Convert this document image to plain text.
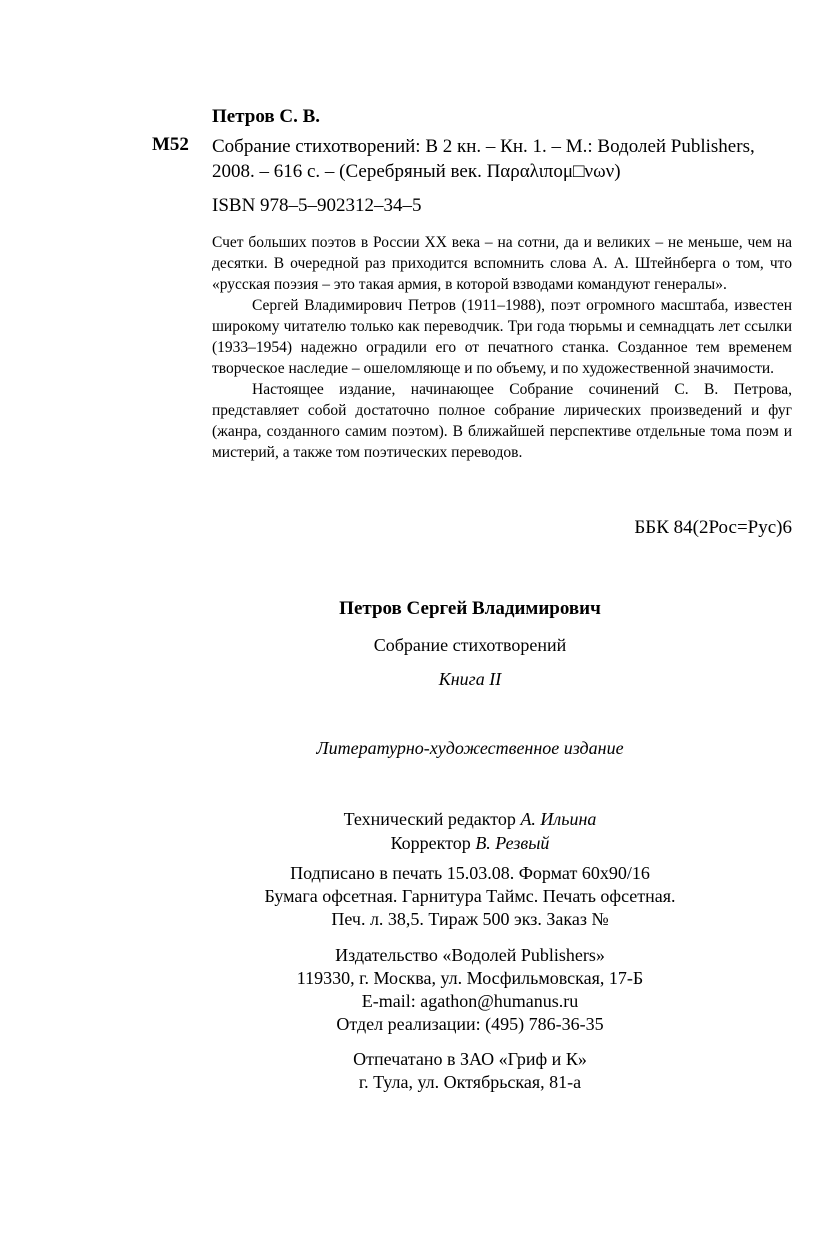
Петров С. В.

М52 Собрание стихотворений: В 2 кн. – Кн. 1. – М.: Водолей Publishers,
2008. – 616 с. – (Серебряный век. Παραλιπομ□νων)

ISBN 978–5–902312–34–5

Счет больших поэтов в России XX века – на сотни, да и великих – не меньше, чем на десятки. В очередной раз приходится вспомнить слова А. А. Штейнберга о том, что «русская поэзия – это такая армия, в которой взводами командуют генералы».

Сергей Владимирович Петров (1911–1988), поэт огромного масштаба, известен широкому читателю только как переводчик. Три года тюрьмы и семнадцать лет ссылки (1933–1954) надежно оградили его от печатного станка. Созданное тем временем творческое наследие – ошеломляюще и по объему, и по художественной значимости.

Настоящее издание, начинающее Собрание сочинений С. В. Петрова, представляет собой достаточно полное собрание лирических произведений и фуг (жанра, созданного самим поэтом). В ближайшей перспективе отдельные тома поэм и мистерий, а также том поэтических переводов.

ББК 84(2Рос=Рус)6

Петров Сергей Владимирович

Собрание стихотворений

Книга II

Литературно-художественное издание

Технический редактор А. Ильина
Корректор В. Резвый
Подписано в печать 15.03.08. Формат 60х90/16
Бумага офсетная. Гарнитура Таймс. Печать офсетная.
Печ. л. 38,5. Тираж 500 экз. Заказ №
Издательство «Водолей Publishers»
119330, г. Москва, ул. Мосфильмовская, 17-Б
E-mail: agathon@humanus.ru
Отдел реализации: (495) 786-36-35
Отпечатано в ЗАО «Гриф и К»
г. Тула, ул. Октябрьская, 81-а
